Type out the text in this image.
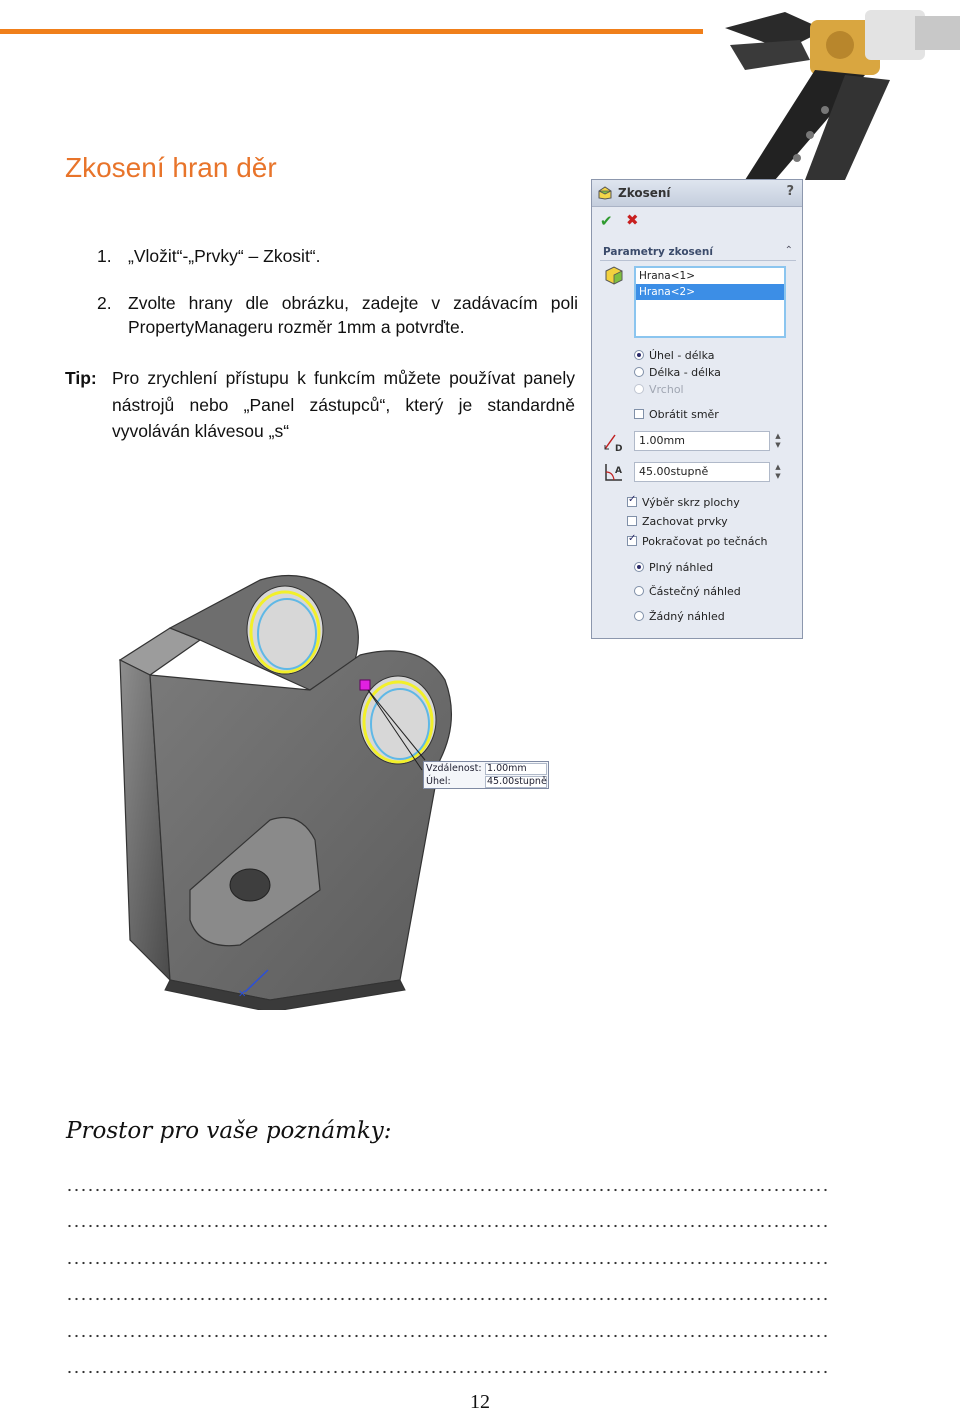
Zkosení hran děr
1. „Vložit“-„Prvky“ – Zkosit“.
2. Zvolte hrany dle obrázku, zadejte v zadávacím poli PropertyManageru rozměr 1mm a potvrďte.
Tip: Pro zrychlení přístupu k funkcím můžete používat panely nástrojů nebo „Panel zástupců“, který je standardně vyvoláván klávesou „s“
Zkosení	?
✔ ✖
Parametry zkosení	⌃
Hrana<1>
Hrana<2>
Úhel - délka
Délka - délka
Vrchol
Obrátit směr
D
1.00mm	▲
▼
A	45.00stupně	▲
▼
✓Výběr skrz plochy
Zachovat prvky
✓Pokračovat po tečnách
Plný náhled
Částečný náhled
Žádný náhled
✕
Vzdálenost: 1.00mm
Úhel:	45.00stupně
Prostor pro vaše poznámky:
12
